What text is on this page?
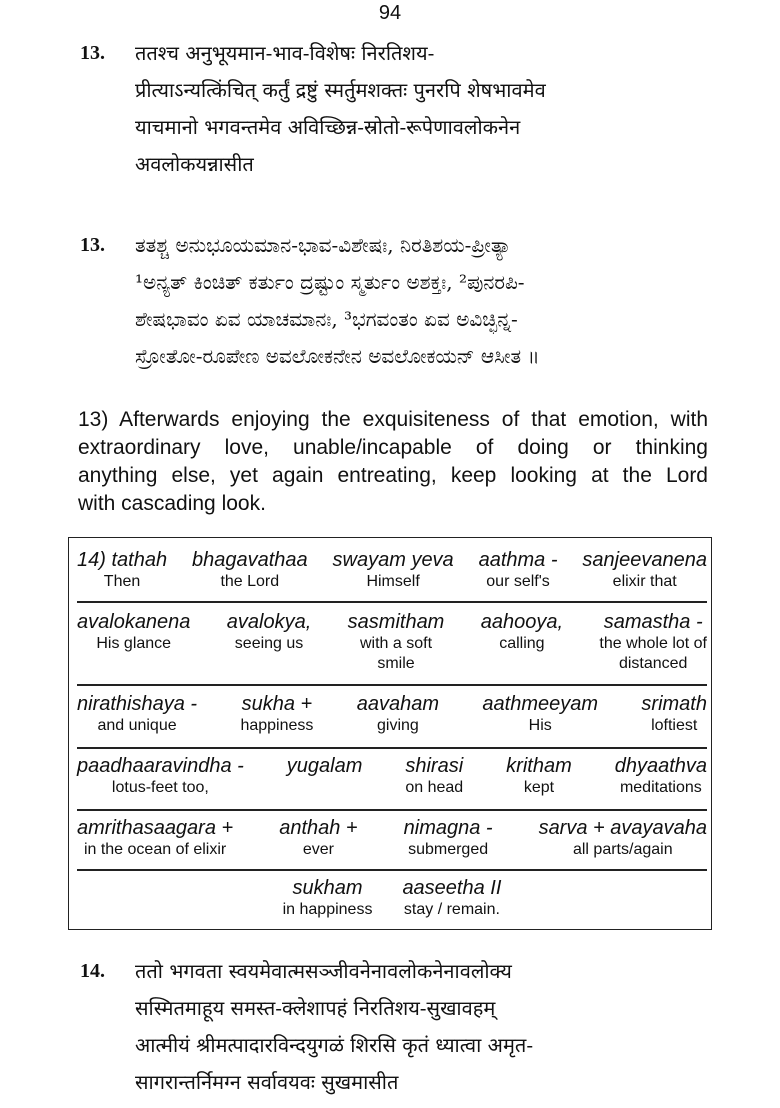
94
13. ततश्च अनुभूयमान-भाव-विशेषः निरतिशय-
प्रीत्याऽन्यत्किंचित् कर्तुं द्रष्टुं स्मर्तुमशक्तः पुनरपि शेषभावमेव
याचमानो भगवन्तमेव अविच्छिन्न-स्रोतो-रूपेणावलोकनेन
अवलोकयन्नासीत
13. ತತಶ್ಚ ಅನುಭೂಯಮಾನ-ಭಾವ-ವಿಶೇಷಃ, ನಿರತಿಶಯ-ಪ್ರೀತ್ಯಾ
¹ಅನ್ಯತ್ ಕಿಂಚಿತ್ ಕರ್ತುಂ ದ್ರಷ್ಟುಂ ಸ್ಮರ್ತುಂ ಅಶಕ್ತಃ, ²ಪುನರಪಿ-
ಶೇಷಭಾವಂ ಏವ ಯಾಚಮಾನಃ, ³ಭಗವಂತಂ ಏವ ಅವಿಚ್ಛಿನ್ನ-
ಸ್ರೋತೋ-ರೂಪೇಣ ಅವಲೋಕನೇನ ಅವಲೋಕಯನ್ ಆಸೀತ ॥
13) Afterwards enjoying the exquisiteness of that emotion, with
extraordinary love, unable/incapable of doing or thinking
anything else, yet again entreating, keep looking at the Lord
with cascading look.
14) tathah
Then
bhagavathaa
the Lord
swayam yeva
Himself
aathma -
our self's
sanjeevanena
elixir that
avalokanena
His glance
avalokya,
seeing us
sasmitham
with a soft
smile
aahooya,
calling
samastha -
the whole lot of
distanced
nirathishaya -
and unique
sukha +
happiness
aavaham
giving
aathmeeyam
His
srimath
loftiest
paadhaaravindha -
lotus-feet too,
yugalam shirasi
on head
kritham
kept
dhyaathva
meditations
amrithasaagara +
in the ocean of elixir
anthah +
ever
nimagna -
submerged
sarva + avayavaha
all parts/again
sukham
in happiness
aaseetha II
stay / remain.
14. ततो भगवता स्वयमेवात्मसञ्जीवनेनावलोकनेनावलोक्य
सस्मितमाहूय समस्त-क्लेशापहं निरतिशय-सुखावहम्
आत्मीयं श्रीमत्पादारविन्दयुगळं शिरसि कृतं ध्यात्वा अमृत-
सागरान्तर्निमग्न सर्वावयवः सुखमासीत
